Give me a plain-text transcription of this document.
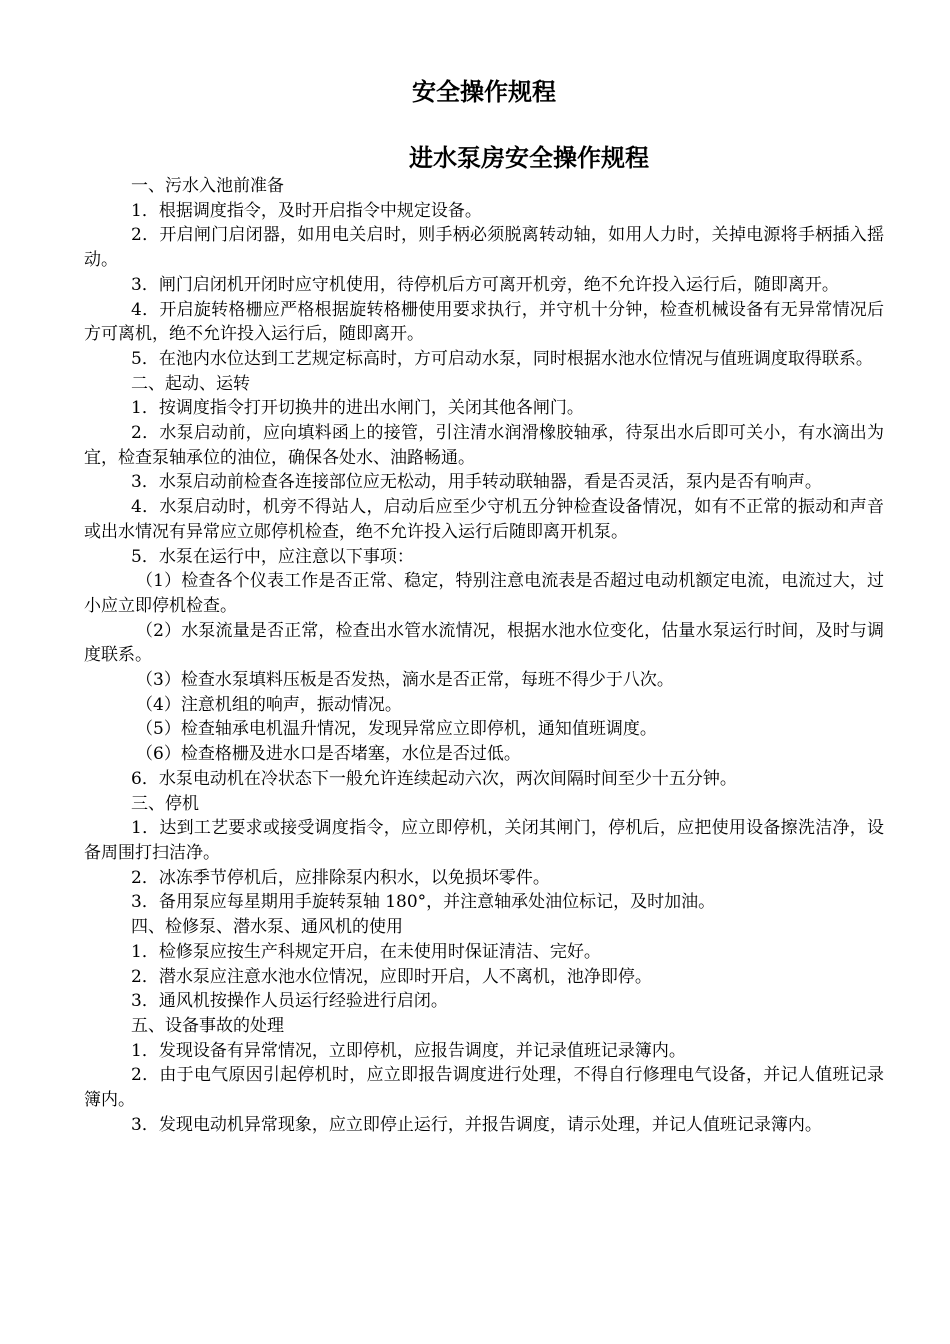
安全操作规程
进水泵房安全操作规程

一、污水入池前准备

1．根据调度指令，及时开启指令中规定设备。

2．开启闸门启闭器，如用电关启时，则手柄必须脱离转动轴，如用人力时，关掉电源将手柄插入摇动。

3．闸门启闭机开闭时应守机使用，待停机后方可离开机旁，绝不允许投入运行后，随即离开。

4．开启旋转格栅应严格根据旋转格栅使用要求执行，并守机十分钟，检查机械设备有无异常情况后方可离机，绝不允许投入运行后，随即离开。

5．在池内水位达到工艺规定标高时，方可启动水泵，同时根据水池水位情况与值班调度取得联系。

二、起动、运转

1．按调度指令打开切换井的进出水闸门，关闭其他各闸门。

2．水泵启动前，应向填料函上的接管，引注清水润滑橡胶轴承，待泵出水后即可关小，有水滴出为宜，检查泵轴承位的油位，确保各处水、油路畅通。

3．水泵启动前检查各连接部位应无松动，用手转动联轴器，看是否灵活，泵内是否有响声。

4．水泵启动时，机旁不得站人，启动后应至少守机五分钟检查设备情况，如有不正常的振动和声音或出水情况有异常应立郧停机检查，绝不允许投入运行后随即离开机泵。

5．水泵在运行中，应注意以下事项：

（1）检查各个仪表工作是否正常、稳定，特别注意电流表是否超过电动机额定电流，电流过大，过小应立即停机检查。

（2）水泵流量是否正常，检查出水管水流情况，根据水池水位变化，估量水泵运行时间，及时与调度联系。

（3）检查水泵填料压板是否发热，滴水是否正常，每班不得少于八次。

（4）注意机组的响声，振动情况。

（5）检查轴承电机温升情况，发现异常应立即停机，通知值班调度。

（6）检查格栅及进水口是否堵塞，水位是否过低。

6．水泵电动机在冷状态下一般允许连续起动六次，两次间隔时间至少十五分钟。

三、停机

1．达到工艺要求或接受调度指令，应立即停机，关闭其闸门，停机后，应把使用设备擦洗洁净，设备周围打扫洁净。

2．冰冻季节停机后，应排除泵内积水，以免损坏零件。

3．备用泵应每星期用手旋转泵轴 180°，并注意轴承处油位标记，及时加油。

四、检修泵、潜水泵、通风机的使用

1．检修泵应按生产科规定开启，在未使用时保证清洁、完好。

2．潜水泵应注意水池水位情况，应即时开启，人不离机，池净即停。

3．通风机按操作人员运行经验进行启闭。

五、设备事故的处理

1．发现设备有异常情况，立即停机，应报告调度，并记录值班记录簿内。

2．由于电气原因引起停机时，应立即报告调度进行处理，不得自行修理电气设备，并记人值班记录簿内。

3．发现电动机异常现象，应立即停止运行，并报告调度，请示处理，并记人值班记录簿内。
